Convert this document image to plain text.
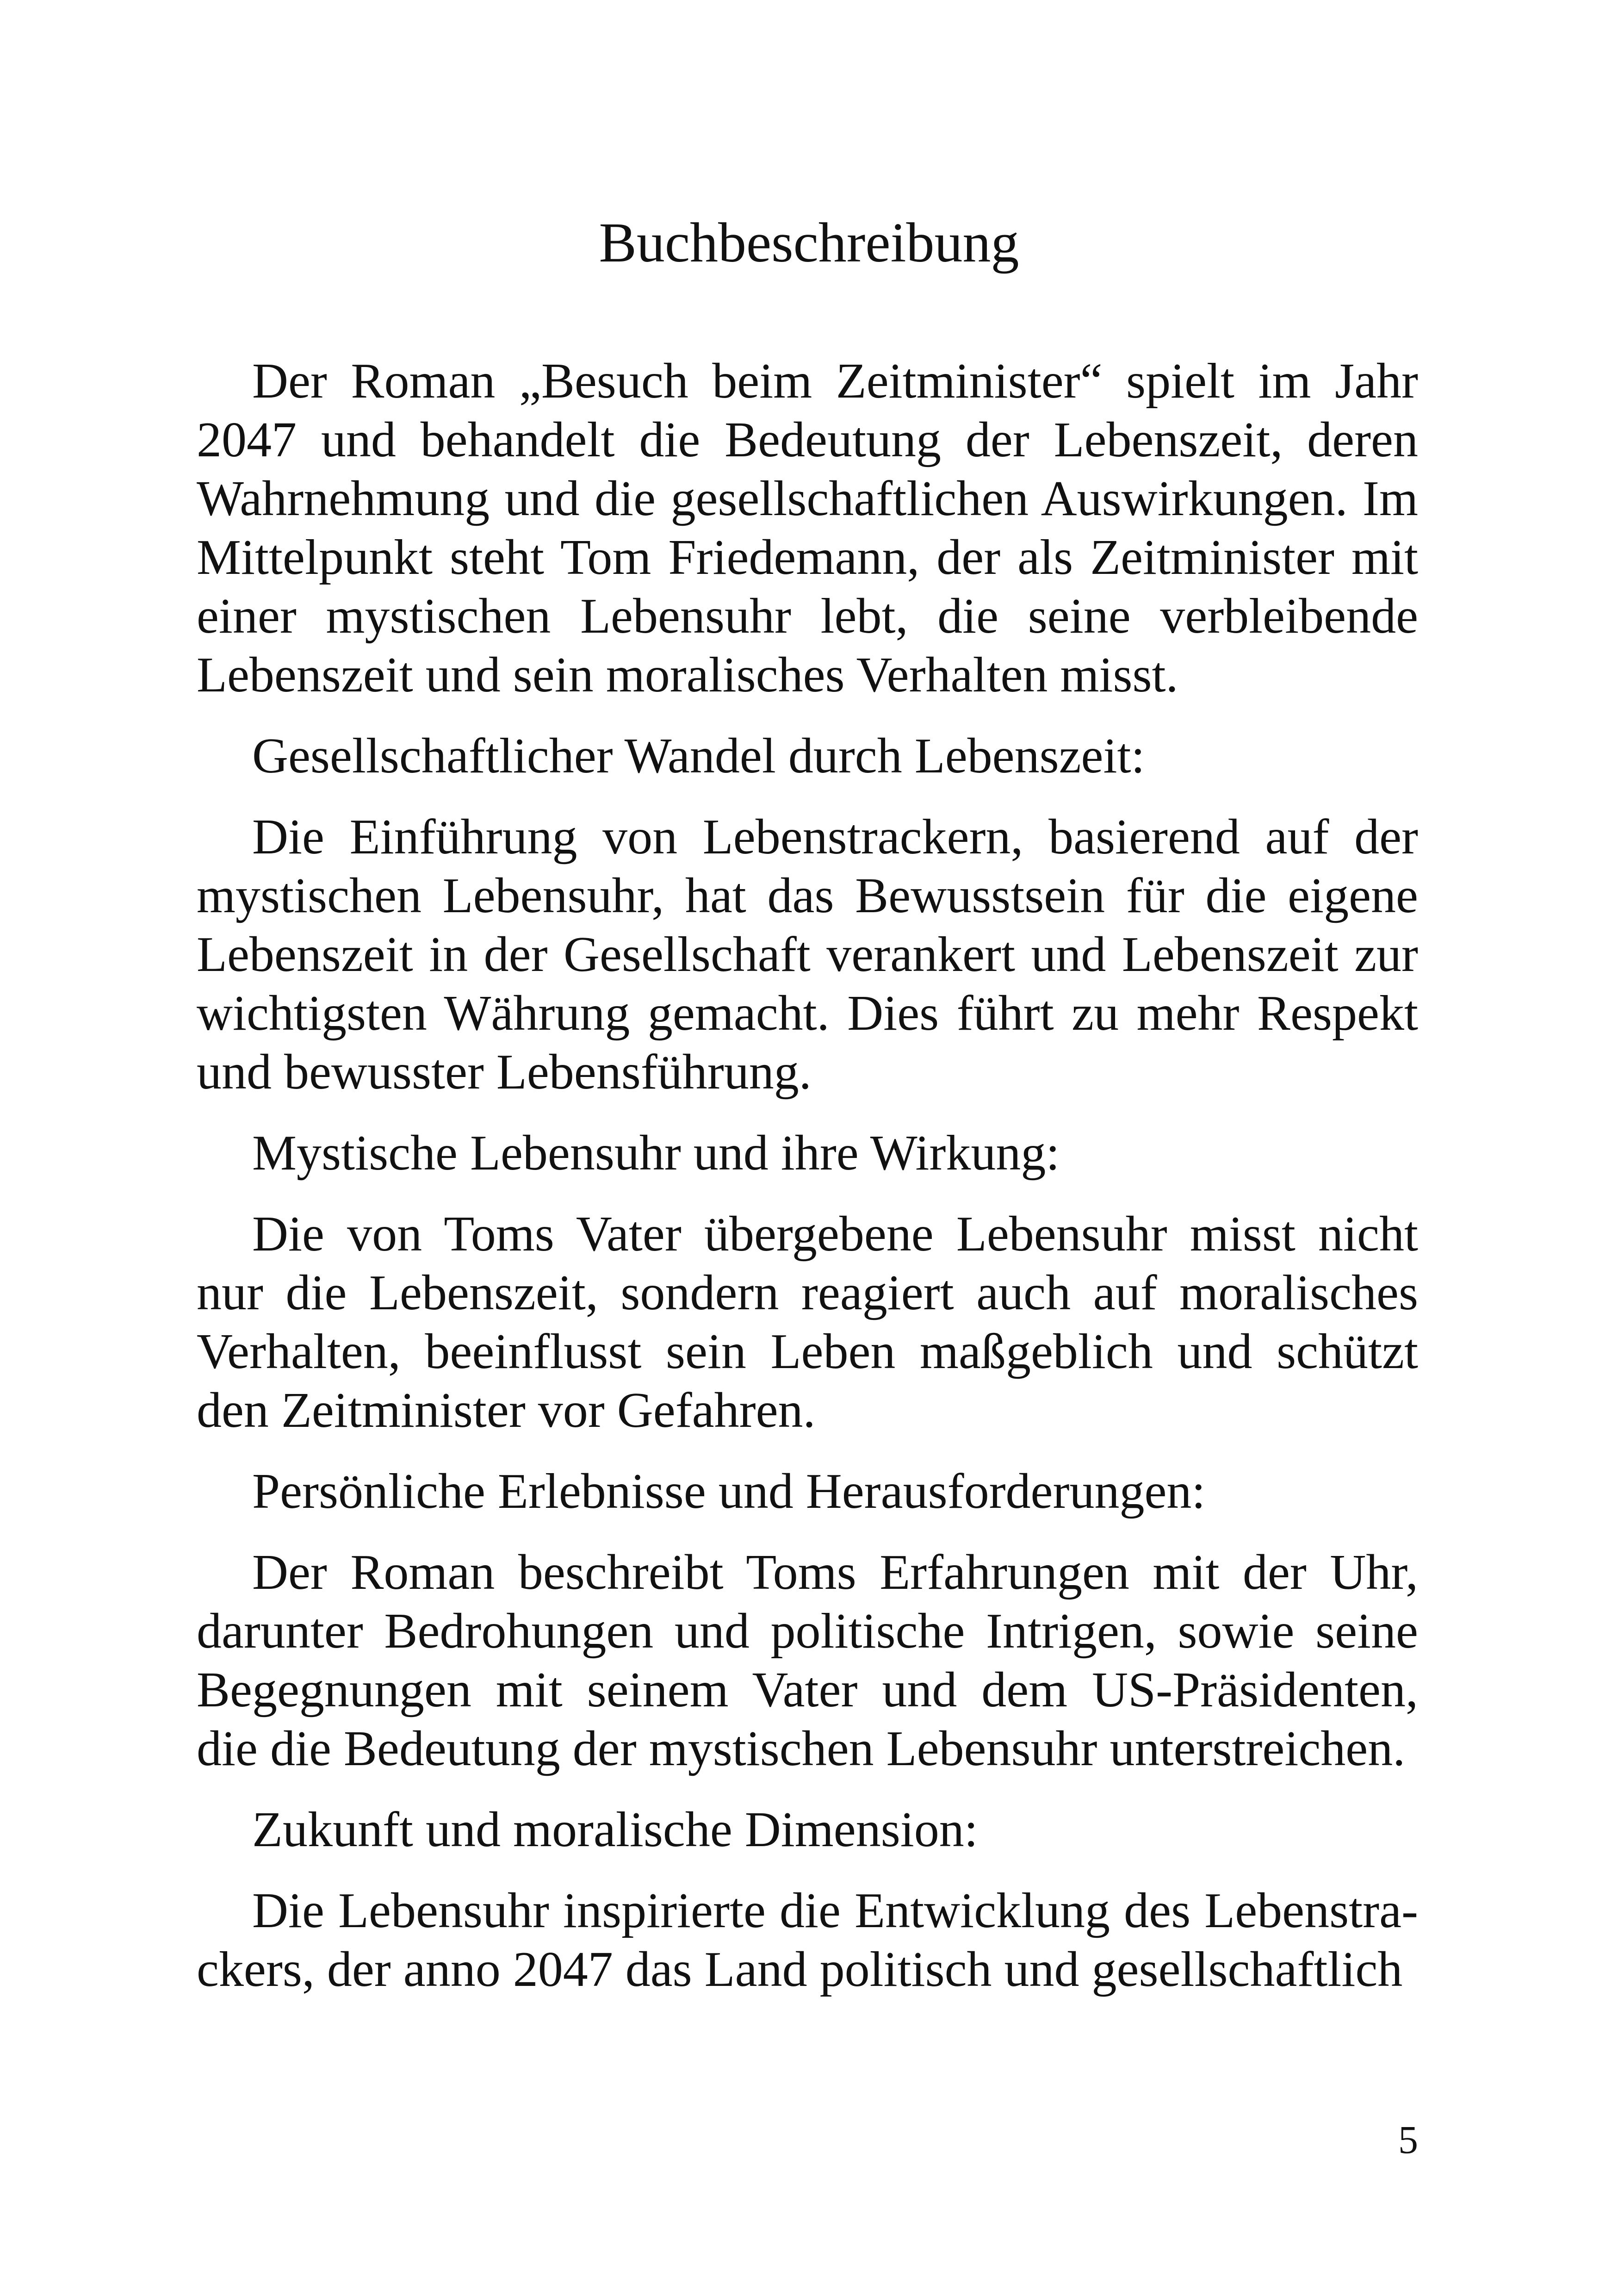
Buchbeschreibung

Der Roman „Besuch beim Zeitminister“ spielt im Jahr 2047 und behandelt die Bedeutung der Lebenszeit, deren Wahrnehmung und die gesellschaftlichen Auswirkungen. Im Mittelpunkt steht Tom Friedemann, der als Zeitminister mit einer mystischen Lebensuhr lebt, die seine verbleibende Lebenszeit und sein moralisches Verhalten misst.

Gesellschaftlicher Wandel durch Lebenszeit:

Die Einführung von Lebenstrackern, basierend auf der mystischen Lebensuhr, hat das Bewusstsein für die eigene Lebenszeit in der Gesellschaft verankert und Lebenszeit zur wichtigsten Währung gemacht. Dies führt zu mehr Respekt und bewusster Lebensführung.

Mystische Lebensuhr und ihre Wirkung:

Die von Toms Vater übergebene Lebensuhr misst nicht nur die Lebenszeit, sondern reagiert auch auf moralisches Verhalten, beeinflusst sein Leben maßgeblich und schützt den Zeitminister vor Gefahren.

Persönliche Erlebnisse und Herausforderungen:

Der Roman beschreibt Toms Erfahrungen mit der Uhr, darunter Bedrohungen und politische Intrigen, sowie seine Begegnungen mit seinem Vater und dem US-Präsidenten, die die Bedeutung der mystischen Lebensuhr unterstreichen.

Zukunft und moralische Dimension:

Die Lebensuhr inspirierte die Entwicklung des Lebenstrackers, der anno 2047 das Land politisch und gesellschaftlich

5
